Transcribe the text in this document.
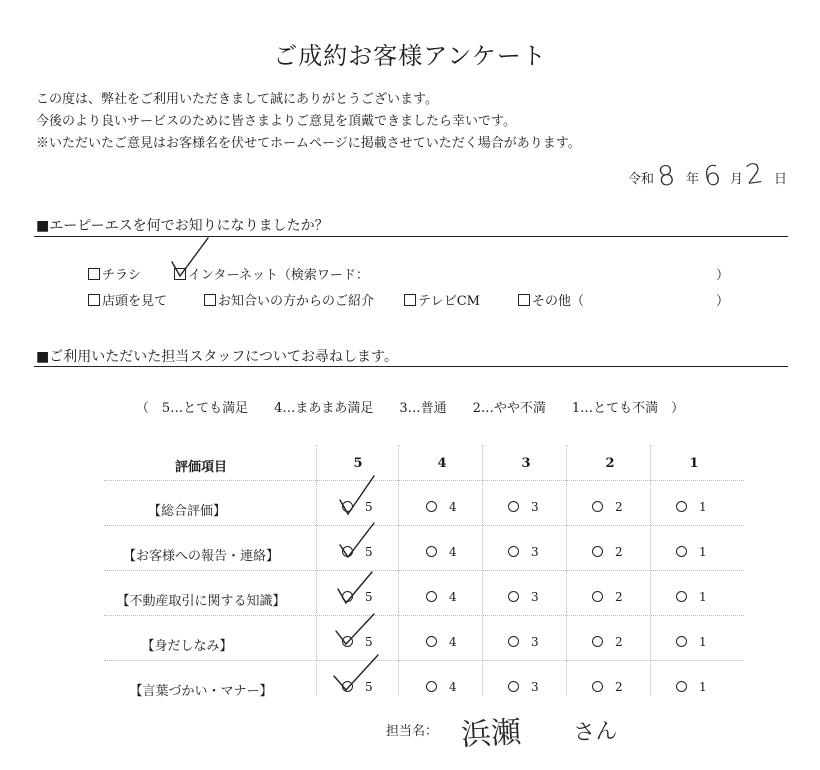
ご成約お客様アンケート
この度は、弊社をご利用いただきまして誠にありがとうございます。
今後のより良いサービスのために皆さまよりご意見を頂戴できましたら幸いです。
※いただいたご意見はお客様名を伏せてホームページに掲載させていただく場合があります。
令和 8 年 6 月 2 日
■エーピーエスを何でお知りになりましたか？
チラシ	インターネット（検索ワード：	）
店頭を見て	お知合いの方からのご紹介	テレビCM	その他（	）
■ご利用いただいた担当スタッフについてお尋ねします。
（　5…とても満足　　4…まあまあ満足　　3…普通　　2…やや不満　　1…とても不満　）
評価項目	5	4	3	2	1
【総合評価】	5	4	3	2	1
【お客様への報告・連絡】	5	4	3	2	1
【不動産取引に関する知識】	5	4	3	2	1
【身だしなみ】	5	4	3	2	1
【言葉づかい・マナー】	5	4	3	2	1
担当名： 浜瀬 さん
